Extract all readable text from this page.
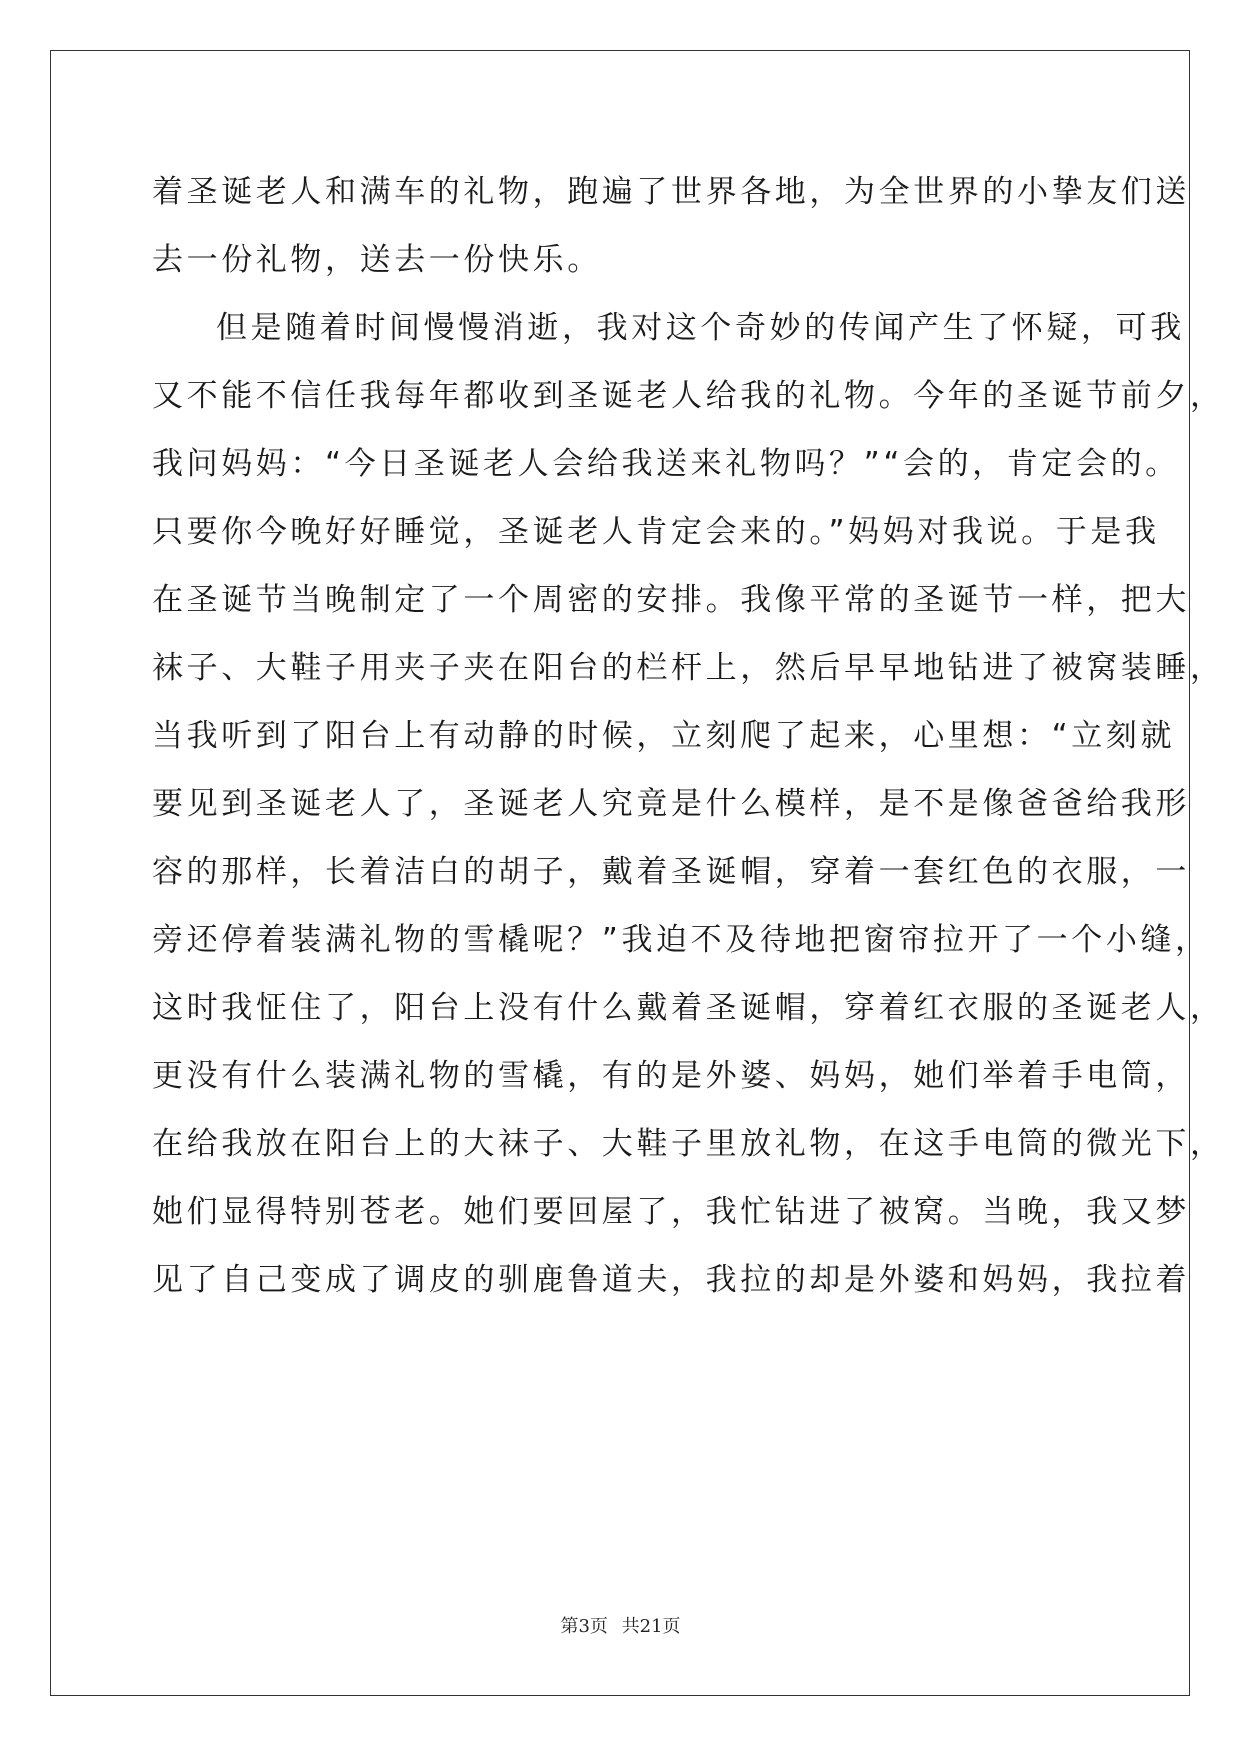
着圣诞老人和满车的礼物，跑遍了世界各地，为全世界的小挚友们送
去一份礼物，送去一份快乐。
但是随着时间慢慢消逝，我对这个奇妙的传闻产生了怀疑，可我
又不能不信任我每年都收到圣诞老人给我的礼物。今年的圣诞节前夕，
我问妈妈：“今日圣诞老人会给我送来礼物吗？”“会的，肯定会的。
只要你今晚好好睡觉，圣诞老人肯定会来的。”妈妈对我说。于是我
在圣诞节当晚制定了一个周密的安排。我像平常的圣诞节一样，把大
袜子、大鞋子用夹子夹在阳台的栏杆上，然后早早地钻进了被窝装睡，
当我听到了阳台上有动静的时候，立刻爬了起来，心里想：“立刻就
要见到圣诞老人了，圣诞老人究竟是什么模样，是不是像爸爸给我形
容的那样，长着洁白的胡子，戴着圣诞帽，穿着一套红色的衣服，一
旁还停着装满礼物的雪橇呢？”我迫不及待地把窗帘拉开了一个小缝，
这时我怔住了，阳台上没有什么戴着圣诞帽，穿着红衣服的圣诞老人，
更没有什么装满礼物的雪橇，有的是外婆、妈妈，她们举着手电筒，
在给我放在阳台上的大袜子、大鞋子里放礼物，在这手电筒的微光下，
她们显得特别苍老。她们要回屋了，我忙钻进了被窝。当晚，我又梦
见了自己变成了调皮的驯鹿鲁道夫，我拉的却是外婆和妈妈，我拉着
第3页 共21页
